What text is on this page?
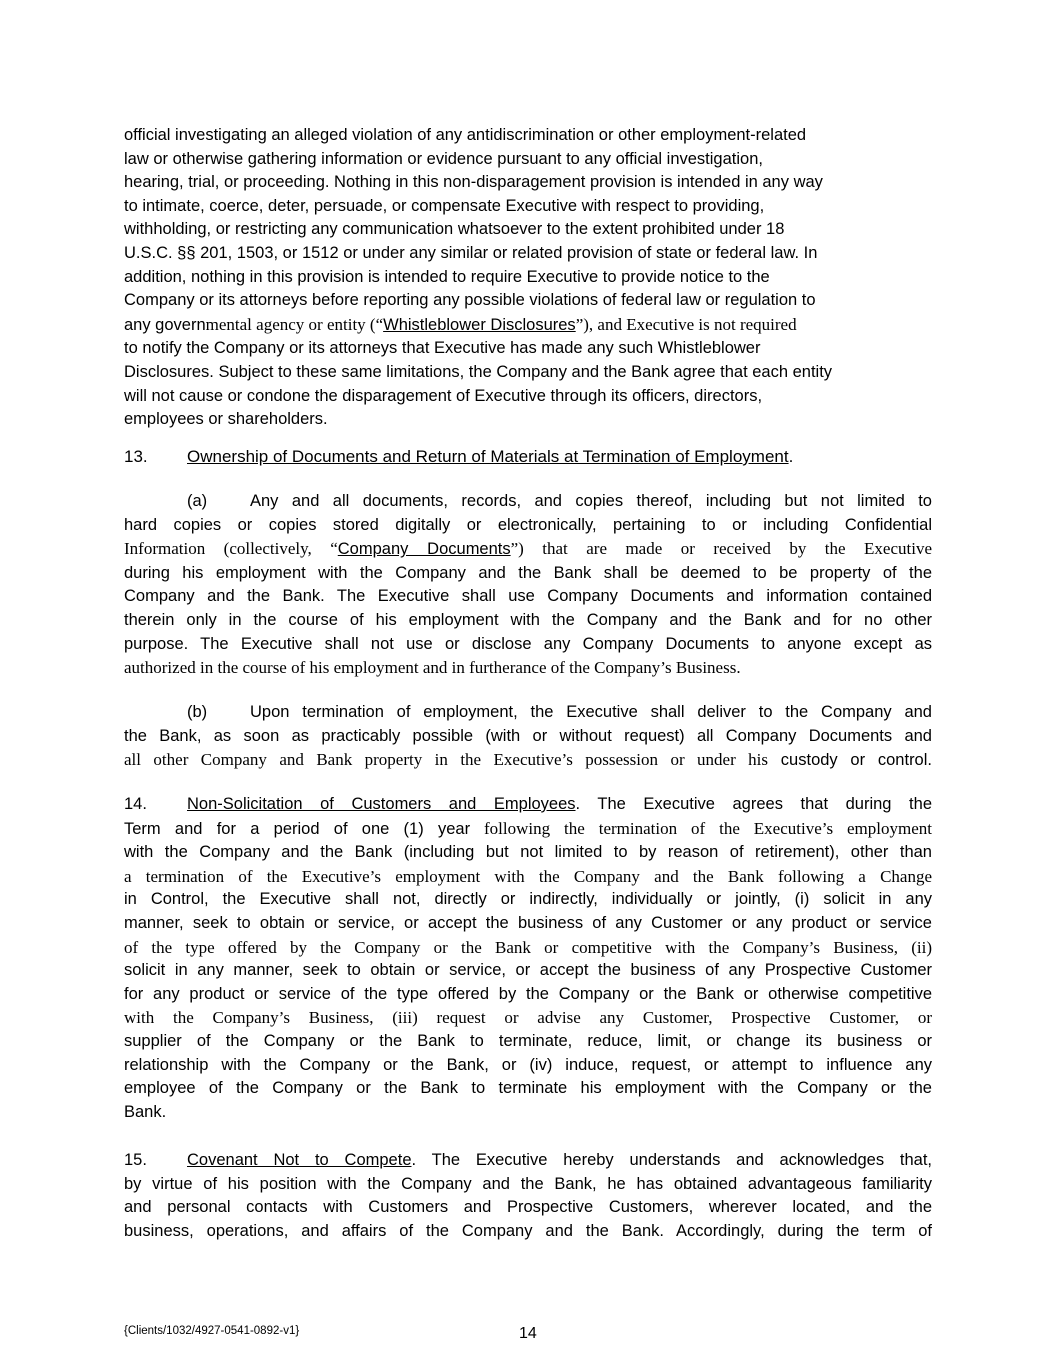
official investigating an alleged violation of any antidiscrimination or other employment-related
law or otherwise gathering information or evidence pursuant to any official investigation,
hearing, trial, or proceeding. Nothing in this non-disparagement provision is intended in any way
to intimate, coerce, deter, persuade, or compensate Executive with respect to providing,
withholding, or restricting any communication whatsoever to the extent prohibited under 18
U.S.C. §§ 201, 1503, or 1512 or under any similar or related provision of state or federal law. In
addition, nothing in this provision is intended to require Executive to provide notice to the
Company or its attorneys before reporting any possible violations of federal law or regulation to
any governmental agency or entity (“Whistleblower Disclosures”), and Executive is not required
to notify the Company or its attorneys that Executive has made any such Whistleblower
Disclosures. Subject to these same limitations, the Company and the Bank agree that each entity
will not cause or condone the disparagement of Executive through its officers, directors,
employees or shareholders.
13. Ownership of Documents and Return of Materials at Termination of Employment.
(a)	Any and all documents, records, and copies thereof, including but not limited to
hard copies or copies stored digitally or electronically, pertaining to or including Confidential
Information (collectively, “Company Documents”) that are made or received by the Executive
during his employment with the Company and the Bank shall be deemed to be property of the
Company and the Bank. The Executive shall use Company Documents and information contained
therein only in the course of his employment with the Company and the Bank and for no other
purpose. The Executive shall not use or disclose any Company Documents to anyone except as
authorized in the course of his employment and in furtherance of the Company’s Business.
(b)	Upon termination of employment, the Executive shall deliver to the Company and
the Bank, as soon as practicably possible (with or without request) all Company Documents and
all other Company and Bank property in the Executive’s possession or under his custody or control.
14. Non-Solicitation of Customers and Employees. The Executive agrees that during the
Term and for a period of one (1) year following the termination of the Executive’s employment
with the Company and the Bank (including but not limited to by reason of retirement), other than
a termination of the Executive’s employment with the Company and the Bank following a Change
in Control, the Executive shall not, directly or indirectly, individually or jointly, (i) solicit in any
manner, seek to obtain or service, or accept the business of any Customer or any product or service
of the type offered by the Company or the Bank or competitive with the Company’s Business, (ii)
solicit in any manner, seek to obtain or service, or accept the business of any Prospective Customer
for any product or service of the type offered by the Company or the Bank or otherwise competitive
with the Company’s Business, (iii) request or advise any Customer, Prospective Customer, or
supplier of the Company or the Bank to terminate, reduce, limit, or change its business or
relationship with the Company or the Bank, or (iv) induce, request, or attempt to influence any
employee of the Company or the Bank to terminate his employment with the Company or the
Bank.
15. Covenant Not to Compete. The Executive hereby understands and acknowledges that,
by virtue of his position with the Company and the Bank, he has obtained advantageous familiarity
and personal contacts with Customers and Prospective Customers, wherever located, and the
business, operations, and affairs of the Company and the Bank. Accordingly, during the term of
{Clients/1032/4927-0541-0892-v1}	14
